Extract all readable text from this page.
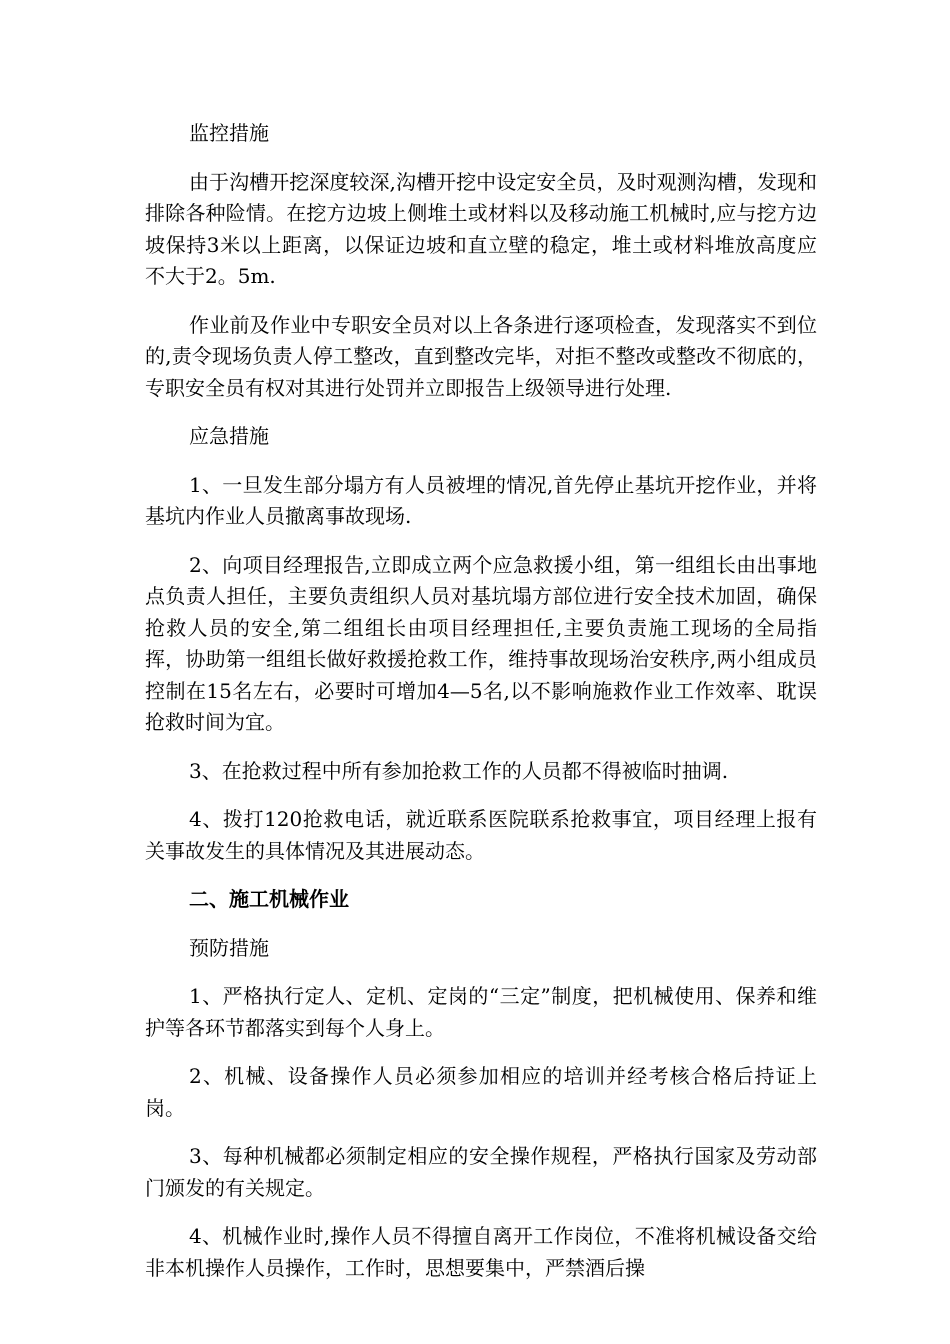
监控措施

由于沟槽开挖深度较深,沟槽开挖中设定安全员，及时观测沟槽，发现和排除各种险情。在挖方边坡上侧堆土或材料以及移动施工机械时,应与挖方边坡保持3米以上距离，以保证边坡和直立壁的稳定，堆土或材料堆放高度应不大于2。5m.

作业前及作业中专职安全员对以上各条进行逐项检查，发现落实不到位的,责令现场负责人停工整改，直到整改完毕，对拒不整改或整改不彻底的，专职安全员有权对其进行处罚并立即报告上级领导进行处理.

应急措施

1、一旦发生部分塌方有人员被埋的情况,首先停止基坑开挖作业，并将基坑内作业人员撤离事故现场.

2、向项目经理报告,立即成立两个应急救援小组，第一组组长由出事地点负责人担任，主要负责组织人员对基坑塌方部位进行安全技术加固，确保抢救人员的安全,第二组组长由项目经理担任,主要负责施工现场的全局指挥，协助第一组组长做好救援抢救工作，维持事故现场治安秩序,两小组成员控制在15名左右，必要时可增加4—5名,以不影响施救作业工作效率、耽误抢救时间为宜。

3、在抢救过程中所有参加抢救工作的人员都不得被临时抽调.

4、拨打120抢救电话，就近联系医院联系抢救事宜，项目经理上报有关事故发生的具体情况及其进展动态。

二、施工机械作业

预防措施

1、严格执行定人、定机、定岗的“三定”制度，把机械使用、保养和维护等各环节都落实到每个人身上。

2、机械、设备操作人员必须参加相应的培训并经考核合格后持证上岗。

3、每种机械都必须制定相应的安全操作规程，严格执行国家及劳动部门颁发的有关规定。

4、机械作业时,操作人员不得擅自离开工作岗位，不准将机械设备交给非本机操作人员操作，工作时，思想要集中，严禁酒后操
